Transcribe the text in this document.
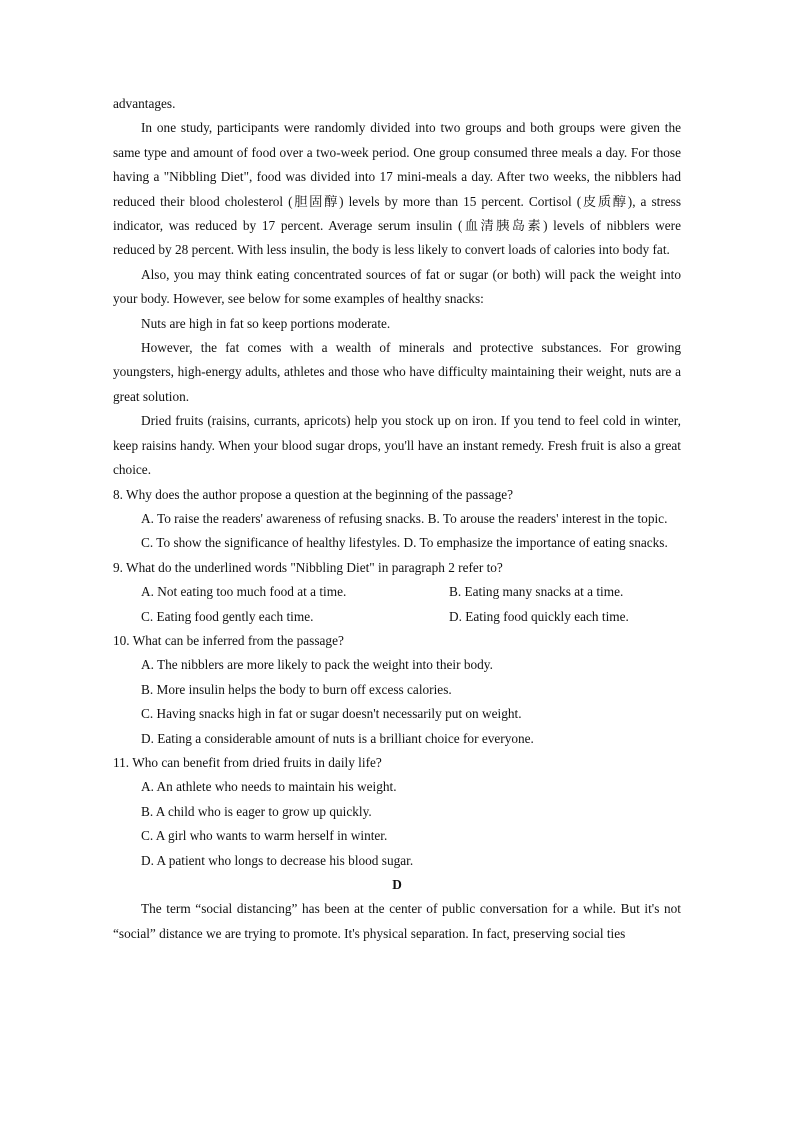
advantages.
In one study, participants were randomly divided into two groups and both groups were given the same type and amount of food over a two-week period. One group consumed three meals a day. For those having a "Nibbling Diet", food was divided into 17 mini-meals a day. After two weeks, the nibblers had reduced their blood cholesterol (胆固醇) levels by more than 15 percent. Cortisol (皮质醇), a stress indicator, was reduced by 17 percent. Average serum insulin (血清胰岛素) levels of nibblers were reduced by 28 percent. With less insulin, the body is less likely to convert loads of calories into body fat.
Also, you may think eating concentrated sources of fat or sugar (or both) will pack the weight into your body. However, see below for some examples of healthy snacks:
Nuts are high in fat so keep portions moderate.
However, the fat comes with a wealth of minerals and protective substances. For growing youngsters, high-energy adults, athletes and those who have difficulty maintaining their weight, nuts are a great solution.
Dried fruits (raisins, currants, apricots) help you stock up on iron. If you tend to feel cold in winter, keep raisins handy. When your blood sugar drops, you'll have an instant remedy. Fresh fruit is also a great choice.
8. Why does the author propose a question at the beginning of the passage?
A. To raise the readers' awareness of refusing snacks. B. To arouse the readers' interest in the topic.
C. To show the significance of healthy lifestyles. D. To emphasize the importance of eating snacks.
9. What do the underlined words "Nibbling Diet" in paragraph 2 refer to?
A. Not eating too much food at a time.	B. Eating many snacks at a time.
C. Eating food gently each time.	D. Eating food quickly each time.
10. What can be inferred from the passage?
A. The nibblers are more likely to pack the weight into their body.
B. More insulin helps the body to burn off excess calories.
C. Having snacks high in fat or sugar doesn't necessarily put on weight.
D. Eating a considerable amount of nuts is a brilliant choice for everyone.
11. Who can benefit from dried fruits in daily life?
A. An athlete who needs to maintain his weight.
B. A child who is eager to grow up quickly.
C. A girl who wants to warm herself in winter.
D. A patient who longs to decrease his blood sugar.
D
The term “social distancing” has been at the center of public conversation for a while. But it's not “social” distance we are trying to promote. It's physical separation. In fact, preserving social ties
